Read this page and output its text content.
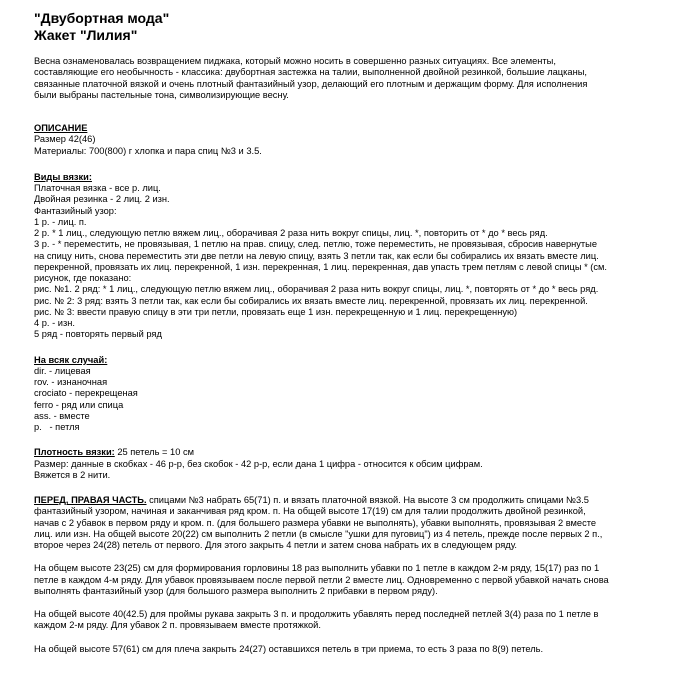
"Двубортная мода"
Жакет "Лилия"
Весна ознаменовалась возвращением пиджака, который можно носить в совершенно разных ситуациях. Все элементы,
составляющие его необычность - классика: двубортная застежка на талии, выполненной двойной резинкой, большие лацканы,
связанные платочной вязкой и очень плотный фантазийный узор, делающий его плотным и держащим форму. Для исполнения
были выбраны пастельные тона, символизирующие весну.
ОПИСАНИЕ
Размер 42(46)
Материалы: 700(800) г хлопка и пара спиц №3 и 3.5.
Виды вязки:
Платочная вязка - все р. лиц.
Двойная резинка - 2 лиц. 2 изн.
Фантазийный узор:
1 р. - лиц. п.
2 р. * 1 лиц., следующую петлю вяжем лиц., оборачивая 2 раза нить вокруг спицы, лиц. *, повторить от * до * весь ряд.
3 р. - * переместить, не провязывая, 1 петлю на прав. спицу, след. петлю, тоже переместить, не провязывая, сбросив навернутые
на спицу нить, снова переместить эти две петли на левую спицу, взять 3 петли так, как если бы собирались их вязать вместе лиц.
перекренной, провязать их лиц. перекренной, 1 изн. перекренная, 1 лиц. перекренная, дав упасть трем петлям с левой спицы * (см.
рисунок, где показано:
рис. №1. 2 ряд: * 1 лиц., следующую петлю вяжем лиц., оборачивая 2 раза нить вокруг спицы, лиц. *, повторять от * до * весь ряд.
рис. № 2: 3 ряд: взять 3 петли так, как если бы собирались их вязать вместе лиц. перекренной, провязать их лиц. перекренной.
рис. № 3: ввести правую спицу в эти три петли, провязать еще 1 изн. перекрещенную и 1 лиц. перекрещенную)
4 р. - изн.
5 ряд - повторять первый ряд
На всяк случай:
dir. - лицевая
rov. - изнаночная
crociato - перекрещеная
ferro - ряд или спица
ass. - вместе
p.   - петля
Плотность вязки: 25 петель = 10 см
Размер: данные в скобках - 46 р-р, без скобок - 42 р-р, если дана 1 цифра - относится к обсим цифрам.
Вяжется в 2 нити.
ПЕРЕД, ПРАВАЯ ЧАСТЬ. спицами №3 набрать 65(71) п. и вязать платочной вязкой. На высоте 3 см продолжить спицами №3.5
фантазийный узором, начиная и заканчивая ряд кром. п. На общей высоте 17(19) см для талии продолжить двойной резинкой,
начав с 2 убавок в первом ряду и кром. п. (для большего размера убавки не выполнять), убавки выполнять, провязывая 2 вместе
лиц. или изн. На общей высоте 20(22) см выполнить 2 петли (в смысле "ушки для пуговиц") из 4 петель, прежде после первых 2 п.,
второе через 24(28) петель от первого. Для этого закрыть 4 петли и затем снова набрать их в следующем ряду.
На общем высоте 23(25) см для формирования горловины 18 раз выполнить убавки по 1 петле в каждом 2-м ряду, 15(17) раз по 1
петле в каждом 4-м ряду. Для убавок провязываем после первой петли 2 вместе лиц. Одновременно с первой убавкой начать снова
выполнять фантазийный узор (для большого размера выполнить 2 прибавки в первом ряду).
На общей высоте 40(42.5) для проймы рукава закрыть 3 п. и продолжить убавлять перед последней петлей 3(4) раза по 1 петле в
каждом 2-м ряду. Для убавок 2 п. провязываем вместе протяжкой.
На общей высоте 57(61) см для плеча закрыть 24(27) оставшихся петель в три приема, то есть 3 раза по 8(9) петель.
